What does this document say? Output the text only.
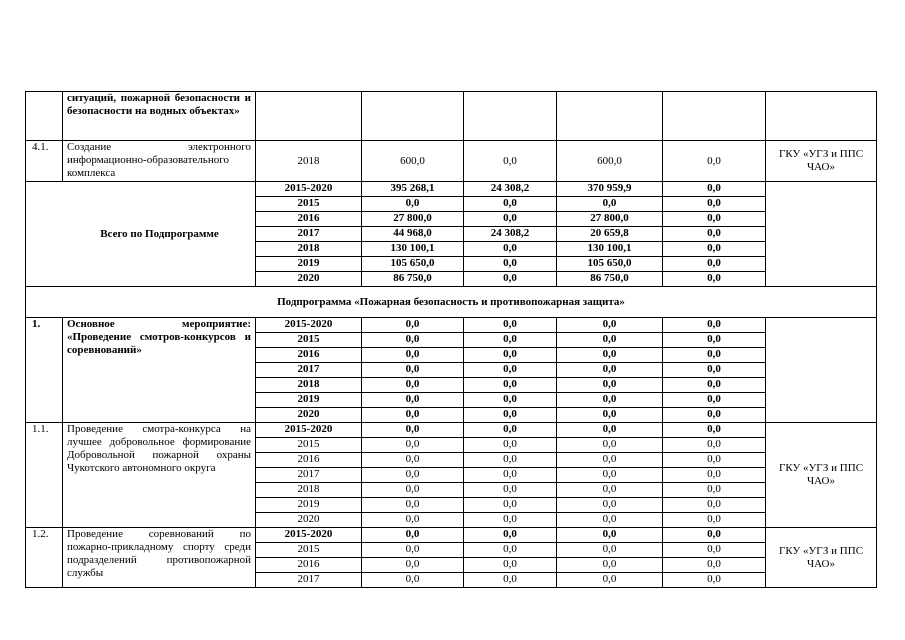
	ситуаций, пожарной безопасности и безопасности на водных объектах»						
4.1.	Создание электронного информационно-образовательного комплекса	2018	600,0	0,0	600,0	0,0	ГКУ «УГЗ и ППС ЧАО»
Всего по Подпрограмме		2015-2020	395 268,1	24 308,2	370 959,9	0,0	
		2015	0,0	0,0	0,0	0,0	
		2016	27 800,0	0,0	27 800,0	0,0	
		2017	44 968,0	24 308,2	20 659,8	0,0	
		2018	130 100,1	0,0	130 100,1	0,0	
		2019	105 650,0	0,0	105 650,0	0,0	
		2020	86 750,0	0,0	86 750,0	0,0	
Подпрограмма «Пожарная безопасность и противопожарная защита»							
1.	Основное мероприятие: «Проведение смотров-конкурсов и соревнований»	2015-2020	0,0	0,0	0,0	0,0	
		2015	0,0	0,0	0,0	0,0	
		2016	0,0	0,0	0,0	0,0	
		2017	0,0	0,0	0,0	0,0	
		2018	0,0	0,0	0,0	0,0	
		2019	0,0	0,0	0,0	0,0	
		2020	0,0	0,0	0,0	0,0	
1.1.	Проведение смотра-конкурса на лучшее добровольное формирование Добровольной пожарной охраны Чукотского автономного округа	2015-2020	0,0	0,0	0,0	0,0	ГКУ «УГЗ и ППС ЧАО»
		2015	0,0	0,0	0,0	0,0	
		2016	0,0	0,0	0,0	0,0	
		2017	0,0	0,0	0,0	0,0	
		2018	0,0	0,0	0,0	0,0	
		2019	0,0	0,0	0,0	0,0	
		2020	0,0	0,0	0,0	0,0	
1.2.	Проведение соревнований по пожарно-прикладному спорту среди подразделений противопожарной службы	2015-2020	0,0	0,0	0,0	0,0	ГКУ «УГЗ и ППС ЧАО»
		2015	0,0	0,0	0,0	0,0	
		2016	0,0	0,0	0,0	0,0	
		2017	0,0	0,0	0,0	0,0	
